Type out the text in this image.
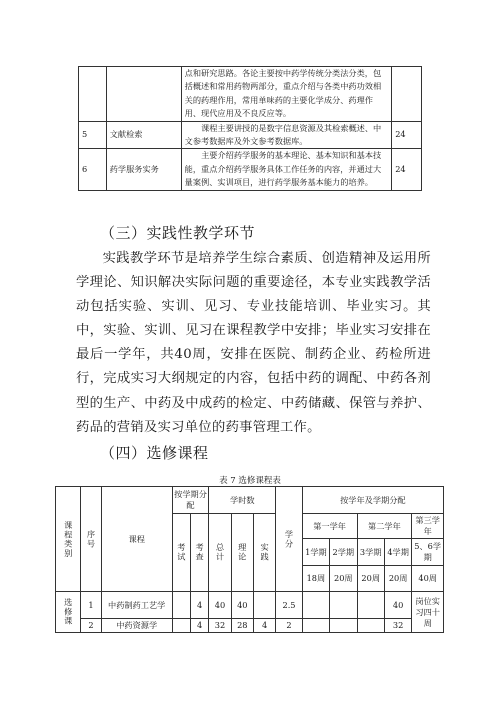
		点和研究思路。各论主要按中药学传统分类法分类，包括概述和常用药物两部分，重点介绍与各类中药功效相关的药理作用，常用单味药的主要化学成分、药理作用、现代应用及不良反应等。	
5	文献检索	课程主要讲授的是数字信息资源及其检索概述、中文参考数据库及外文参考数据库。	24
6	药学服务实务	主要介绍药学服务的基本理论、基本知识和基本技能，重点介绍药学服务具体工作任务的内容，并通过大量案例、实训项目，进行药学服务基本能力的培养。	24
（三）实践性教学环节
实践教学环节是培养学生综合素质、创造精神及运用所学理论、知识解决实际问题的重要途径，本专业实践教学活动包括实验、实训、见习、专业技能培训、毕业实习。其中，实验、实训、见习在课程教学中安排；毕业实习安排在最后一学年，共40周，安排在医院、制药企业、药检所进行，完成实习大纲规定的内容，包括中药的调配、中药各剂型的生产、中药及中成药的检定、中药储藏、保管与养护、药品的营销及实习单位的药事管理工作。
（四）选修课程
表 7 选修课程表
课程类别	序号	课程	按学期分配		学时数			学分	按学年及学期分配				

			考试	考查	总计	理论	实践		第一学年		第二学年		第三学年
									1学期	2学期	3学期	4学期	5、6学期
									18周	20周	20周	20周	40周

选修课	1	中药制药工艺学		4	40	40		2.5				40	岗位实习四十周
	2	中药资源学		4	32	28	4	2				32	
